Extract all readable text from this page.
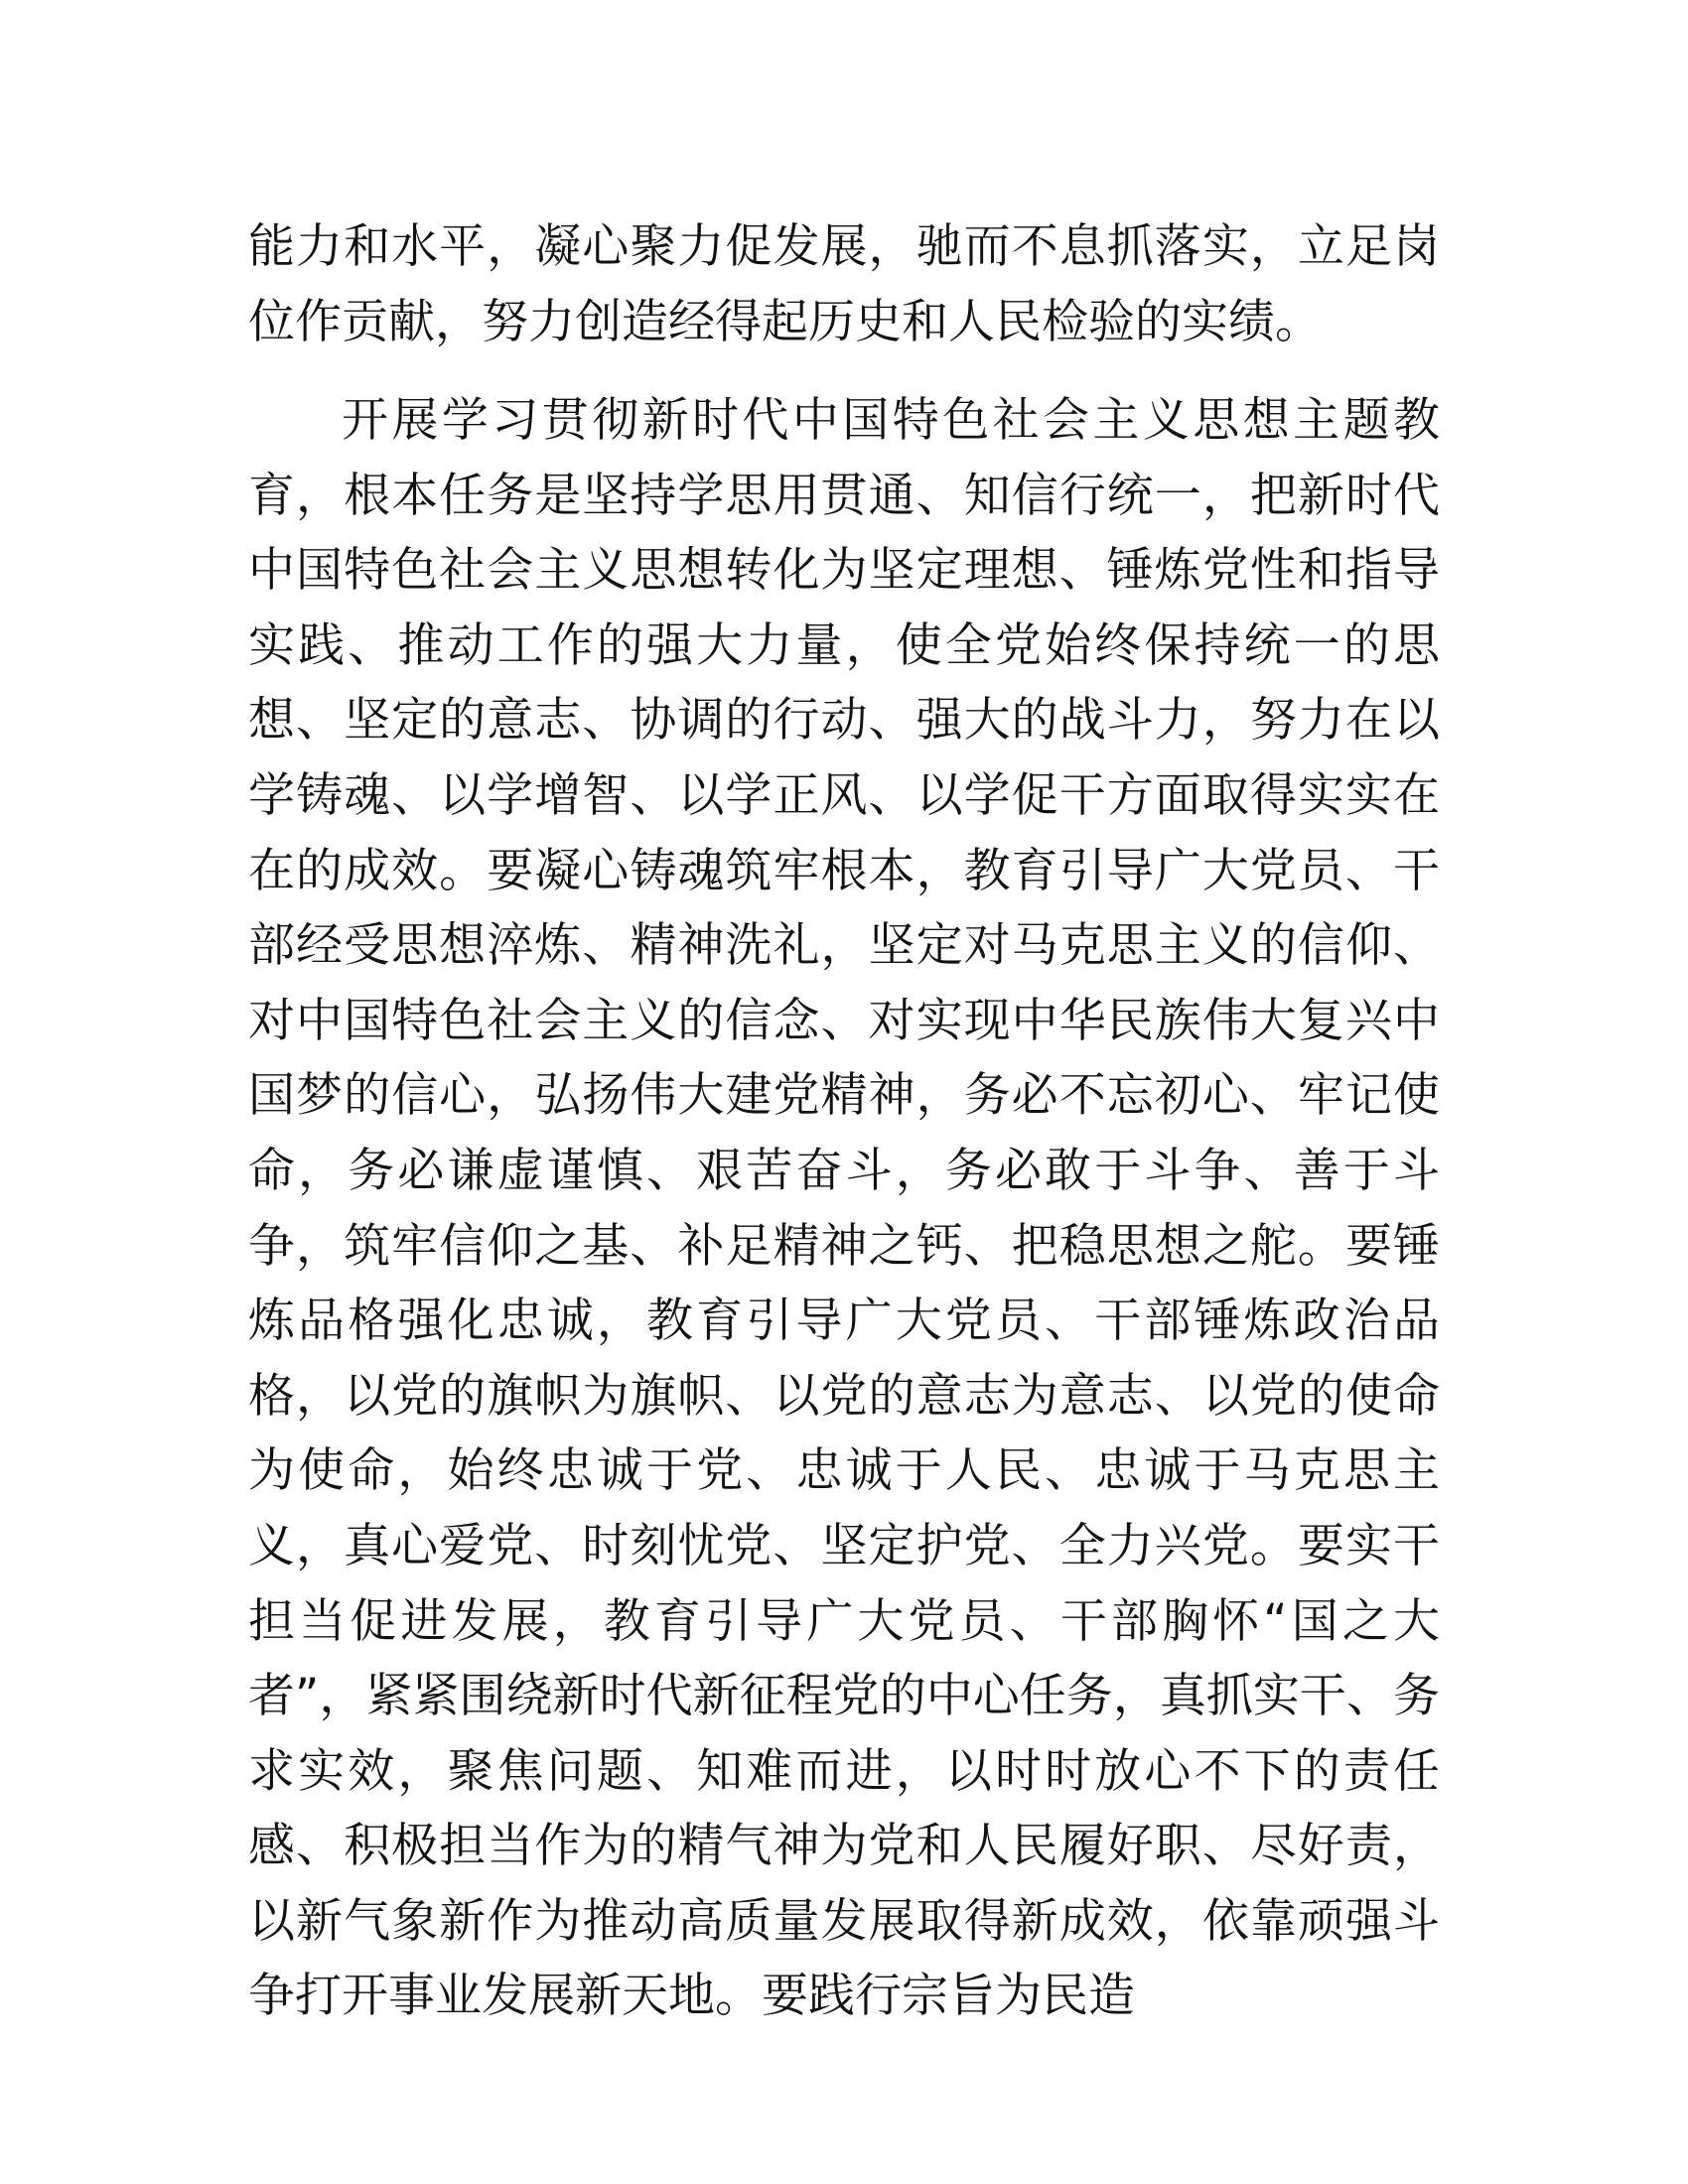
能力和水平，凝心聚力促发展，驰而不息抓落实，立足岗位作贡献，努力创造经得起历史和人民检验的实绩。

开展学习贯彻新时代中国特色社会主义思想主题教育，根本任务是坚持学思用贯通、知信行统一，把新时代中国特色社会主义思想转化为坚定理想、锤炼党性和指导实践、推动工作的强大力量，使全党始终保持统一的思想、坚定的意志、协调的行动、强大的战斗力，努力在以学铸魂、以学增智、以学正风、以学促干方面取得实实在在的成效。要凝心铸魂筑牢根本，教育引导广大党员、干部经受思想淬炼、精神洗礼，坚定对马克思主义的信仰、对中国特色社会主义的信念、对实现中华民族伟大复兴中国梦的信心，弘扬伟大建党精神，务必不忘初心、牢记使命，务必谦虚谨慎、艰苦奋斗，务必敢于斗争、善于斗争，筑牢信仰之基、补足精神之钙、把稳思想之舵。要锤炼品格强化忠诚，教育引导广大党员、干部锤炼政治品格，以党的旗帜为旗帜、以党的意志为意志、以党的使命为使命，始终忠诚于党、忠诚于人民、忠诚于马克思主义，真心爱党、时刻忧党、坚定护党、全力兴党。要实干担当促进发展，教育引导广大党员、干部胸怀“国之大者”，紧紧围绕新时代新征程党的中心任务，真抓实干、务求实效，聚焦问题、知难而进，以时时放心不下的责任感、积极担当作为的精气神为党和人民履好职、尽好责，以新气象新作为推动高质量发展取得新成效，依靠顽强斗争打开事业发展新天地。要践行宗旨为民造
